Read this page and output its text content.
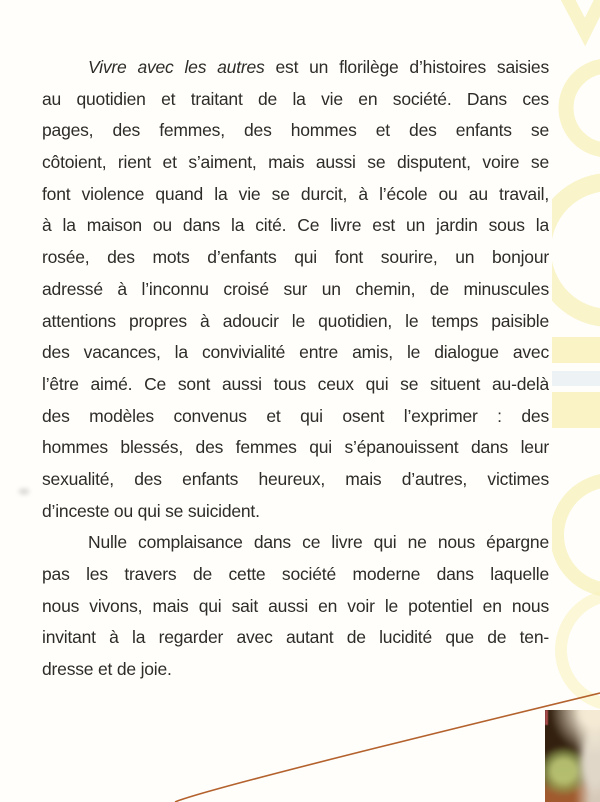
Vivre avec les autres est un florilège d’histoires saisies
au quotidien et traitant de la vie en société. Dans ces
pages, des femmes, des hommes et des enfants se
côtoient, rient et s’aiment, mais aussi se disputent, voire se
font violence quand la vie se durcit, à l’école ou au travail,
à la maison ou dans la cité. Ce livre est un jardin sous la
rosée, des mots d’enfants qui font sourire, un bonjour
adressé à l’inconnu croisé sur un chemin, de minuscules
attentions propres à adoucir le quotidien, le temps paisible
des vacances, la convivialité entre amis, le dialogue avec
l’être aimé. Ce sont aussi tous ceux qui se situent au-delà
des modèles convenus et qui osent l’exprimer : des
hommes blessés, des femmes qui s’épanouissent dans leur
sexualité, des enfants heureux, mais d’autres, victimes
d’inceste ou qui se suicident.
Nulle complaisance dans ce livre qui ne nous épargne
pas les travers de cette société moderne dans laquelle
nous vivons, mais qui sait aussi en voir le potentiel en nous
invitant à la regarder avec autant de lucidité que de ten-
dresse et de joie.
